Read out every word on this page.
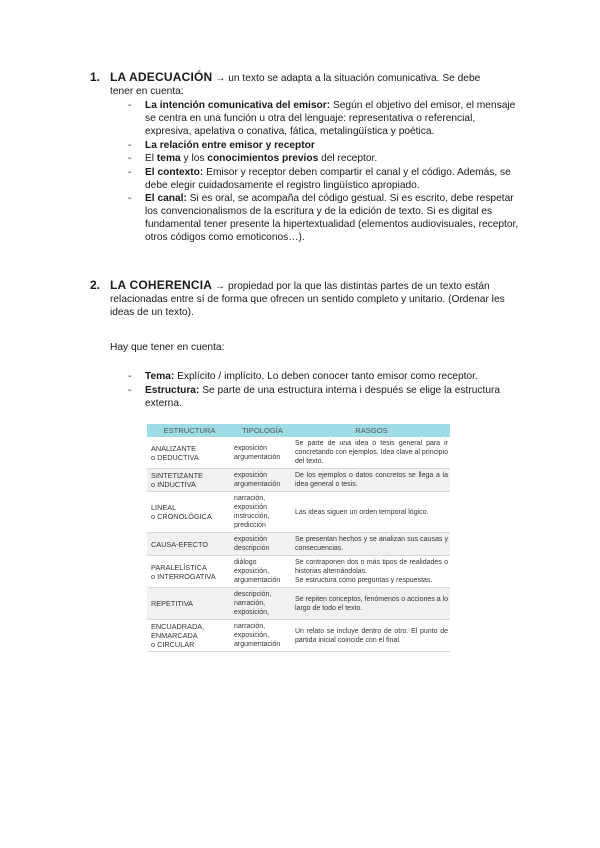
1. LA ADECUACIÓN → un texto se adapta a la situación comunicativa. Se debe
tener en cuenta:
- La intención comunicativa del emisor: Según el objetivo del emisor, el mensaje se centra en una función u otra del lenguaje: representativa o referencial, expresiva, apelativa o conativa, fática, metalingüística y poética.
- La relación entre emisor y receptor
- El tema y los conocimientos previos del receptor.
- El contexto: Emisor y receptor deben compartir el canal y el código. Además, se debe elegir cuidadosamente el registro lingüístico apropiado.
- El canal: Si es oral, se acompaña del código gestual. Si es escrito, debe respetar los convencionalismos de la escritura y de la edición de texto. Si es digital es fundamental tener presente la hipertextualidad (elementos audiovisuales, receptor, otros códigos como emoticonos…).
2. LA COHERENCIA → propiedad por la que las distintas partes de un texto están
relacionadas entre sí de forma que ofrecen un sentido completo y unitario. (Ordenar les ideas de un texto).
Hay que tener en cuenta:
- Tema: Explícito / implícito. Lo deben conocer tanto emisor como receptor.
- Estructura: Se parte de una estructura interna i después se elige la estructura externa.
ESTRUCTURA	TIPOLOGÍA	RASGOS
ANALIZANTE
o DEDUCTIVA	exposición
argumentación	Se parte de una idea o tesis general para ir concretando con ejemplos. Idea clave al principio del texto.
SINTETIZANTE
o INDUCTIVA	exposición
argumentación	De los ejemplos o datos concretos se llega a la idea general o tesis.
LINEAL
o CRONOLÓGICA	narración,
exposición
instrucción,
predicción	Las ideas siguen un orden temporal lógico.
CAUSA-EFECTO	exposición
descripción	Se presentan hechos y se analizan sus causas y consecuencias.
PARALELÍSTICA
o INTERROGATIVA	diálogo
exposición,
argumentación	Se contraponen dos o más tipos de realidades o historias alternándolas.
Se estructura como preguntas y respuestas.
REPETITIVA	descripción,
narración,
exposición,	Se repiten conceptos, fenómenos o acciones a lo largo de todo el texto.
ENCUADRADA,
ENMARCADA
o CIRCULAR	narración,
exposición,
argumentación	Un relato se incluye dentro de otro. El punto de partida inicial coincide con el final.
